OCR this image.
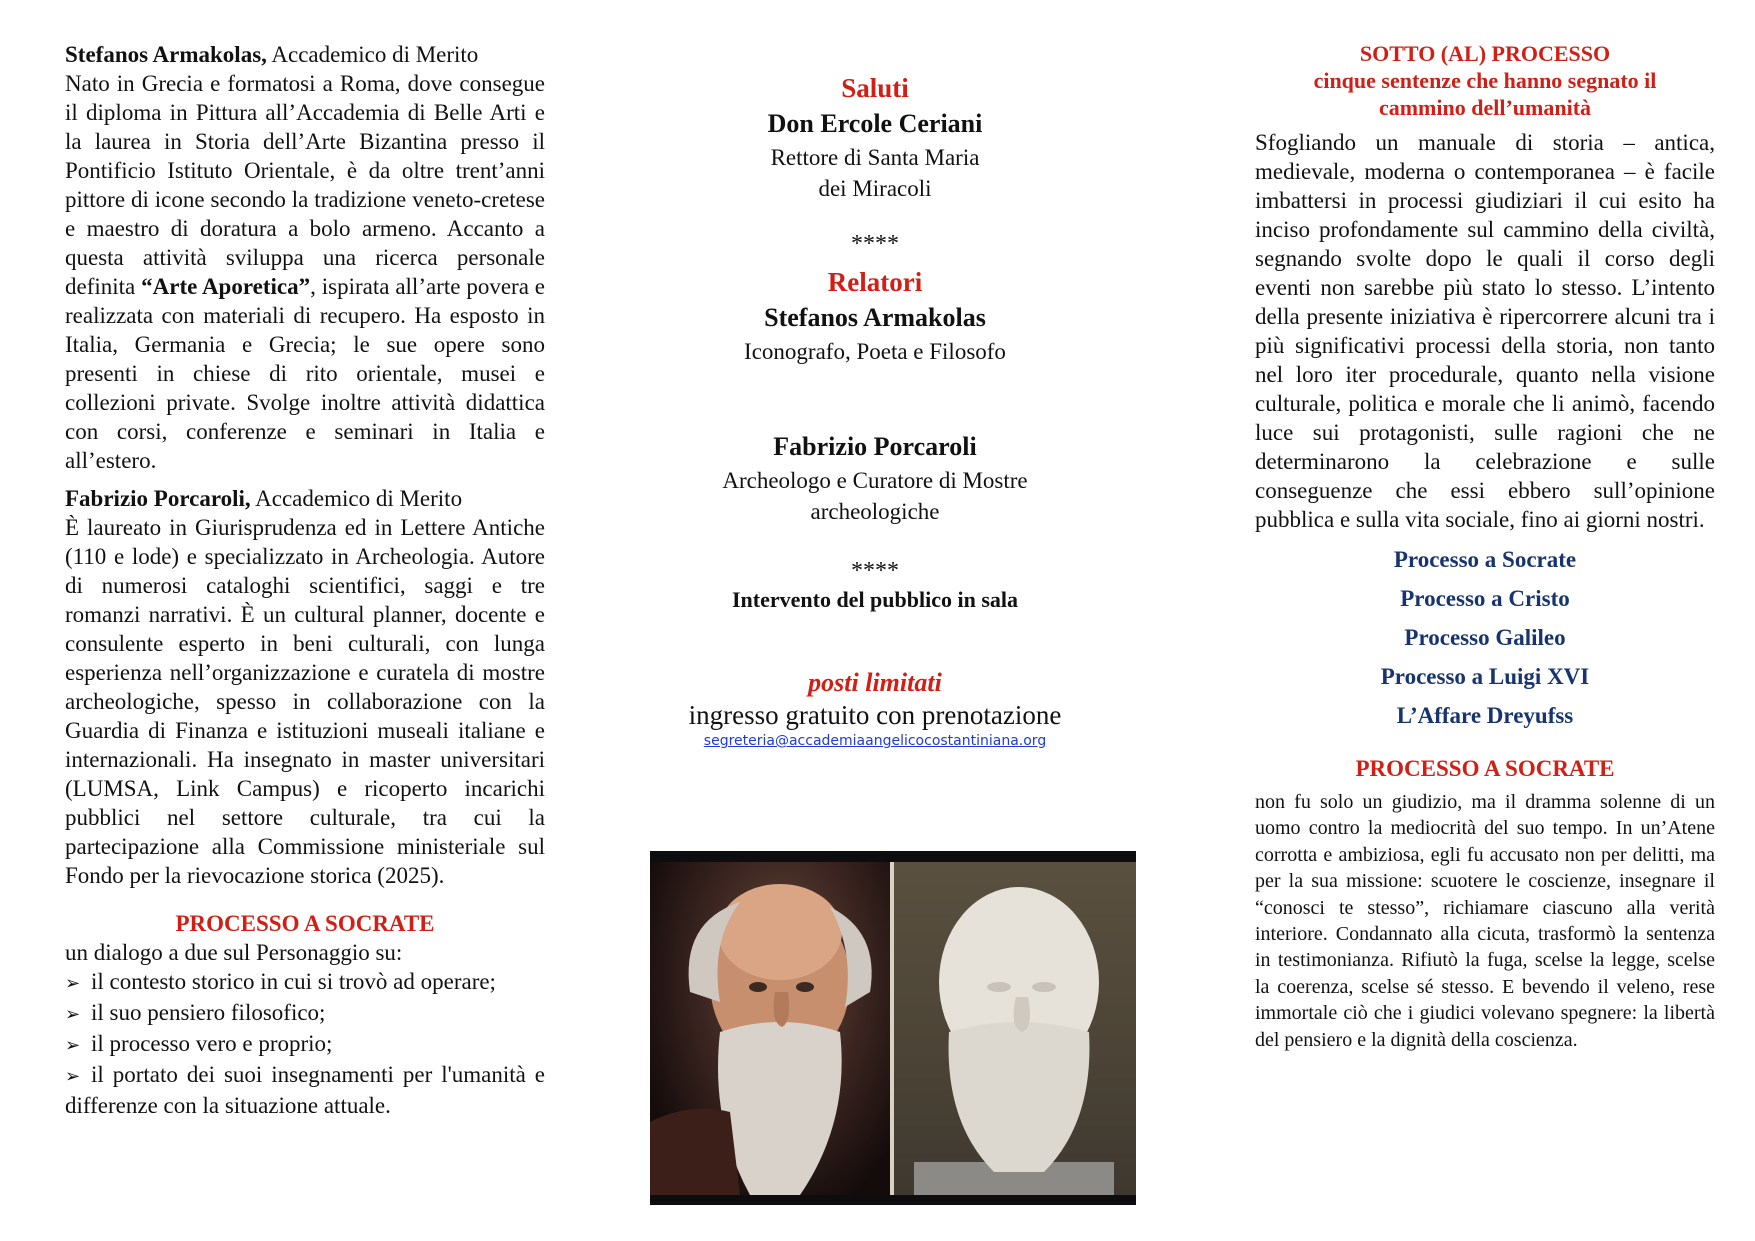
Stefanos Armakolas, Accademico di Merito

Nato in Grecia e formatosi a Roma, dove consegue il diploma in Pittura all’Accademia di Belle Arti e la laurea in Storia dell’Arte Bizantina presso il Pontificio Istituto Orientale, è da oltre trent’anni pittore di icone secondo la tradizione veneto-cretese e maestro di doratura a bolo armeno. Accanto a questa attività sviluppa una ricerca personale definita “Arte Aporetica”, ispirata all’arte povera e realizzata con materiali di recupero. Ha esposto in Italia, Germania e Grecia; le sue opere sono presenti in chiese di rito orientale, musei e collezioni private. Svolge inoltre attività didattica con corsi, conferenze e seminari in Italia e all’estero.

Fabrizio Porcaroli, Accademico di Merito

È laureato in Giurisprudenza ed in Lettere Antiche (110 e lode) e specializzato in Archeologia. Autore di numerosi cataloghi scientifici, saggi e tre romanzi narrativi. È un cultural planner, docente e consulente esperto in beni culturali, con lunga esperienza nell’organizzazione e curatela di mostre archeologiche, spesso in collaborazione con la Guardia di Finanza e istituzioni museali italiane e internazionali. Ha insegnato in master universitari (LUMSA, Link Campus) e ricoperto incarichi pubblici nel settore culturale, tra cui la partecipazione alla Commissione ministeriale sul Fondo per la rievocazione storica (2025).

PROCESSO A SOCRATE

un dialogo a due sul Personaggio su:

➢ il contesto storico in cui si trovò ad operare;
➢ il suo pensiero filosofico;
➢ il processo vero e proprio;
➢ il portato dei suoi insegnamenti per l'umanità e differenze con la situazione attuale.

Saluti

Don Ercole Ceriani

Rettore di Santa Maria

dei Miracoli

****

Relatori

Stefanos Armakolas

Iconografo, Poeta e Filosofo

Fabrizio Porcaroli

Archeologo e Curatore di Mostre

archeologiche

****

Intervento del pubblico in sala

posti limitati

ingresso gratuito con prenotazione

segreteria@accademiaangelicocostantiniana.org

SOTTO (AL) PROCESSO

cinque sentenze che hanno segnato il

cammino dell’umanità

Sfogliando un manuale di storia – antica, medievale, moderna o contemporanea – è facile imbattersi in processi giudiziari il cui esito ha inciso profondamente sul cammino della civiltà, segnando svolte dopo le quali il corso degli eventi non sarebbe più stato lo stesso. L’intento della presente iniziativa è ripercorrere alcuni tra i più significativi processi della storia, non tanto nel loro iter procedurale, quanto nella visione culturale, politica e morale che li animò, facendo luce sui protagonisti, sulle ragioni che ne determinarono la celebrazione e sulle conseguenze che essi ebbero sull’opinione pubblica e sulla vita sociale, fino ai giorni nostri.

Processo a Socrate
Processo a Cristo
Processo Galileo
Processo a Luigi XVI
L’Affare Dreyufss

PROCESSO A SOCRATE

non fu solo un giudizio, ma il dramma solenne di un uomo contro la mediocrità del suo tempo. In un’Atene corrotta e ambiziosa, egli fu accusato non per delitti, ma per la sua missione: scuotere le coscienze, insegnare il “conosci te stesso”, richiamare ciascuno alla verità interiore. Condannato alla cicuta, trasformò la sentenza in testimonianza. Rifiutò la fuga, scelse la legge, scelse la coerenza, scelse sé stesso. E bevendo il veleno, rese immortale ciò che i giudici volevano spegnere: la libertà del pensiero e la dignità della coscienza.
